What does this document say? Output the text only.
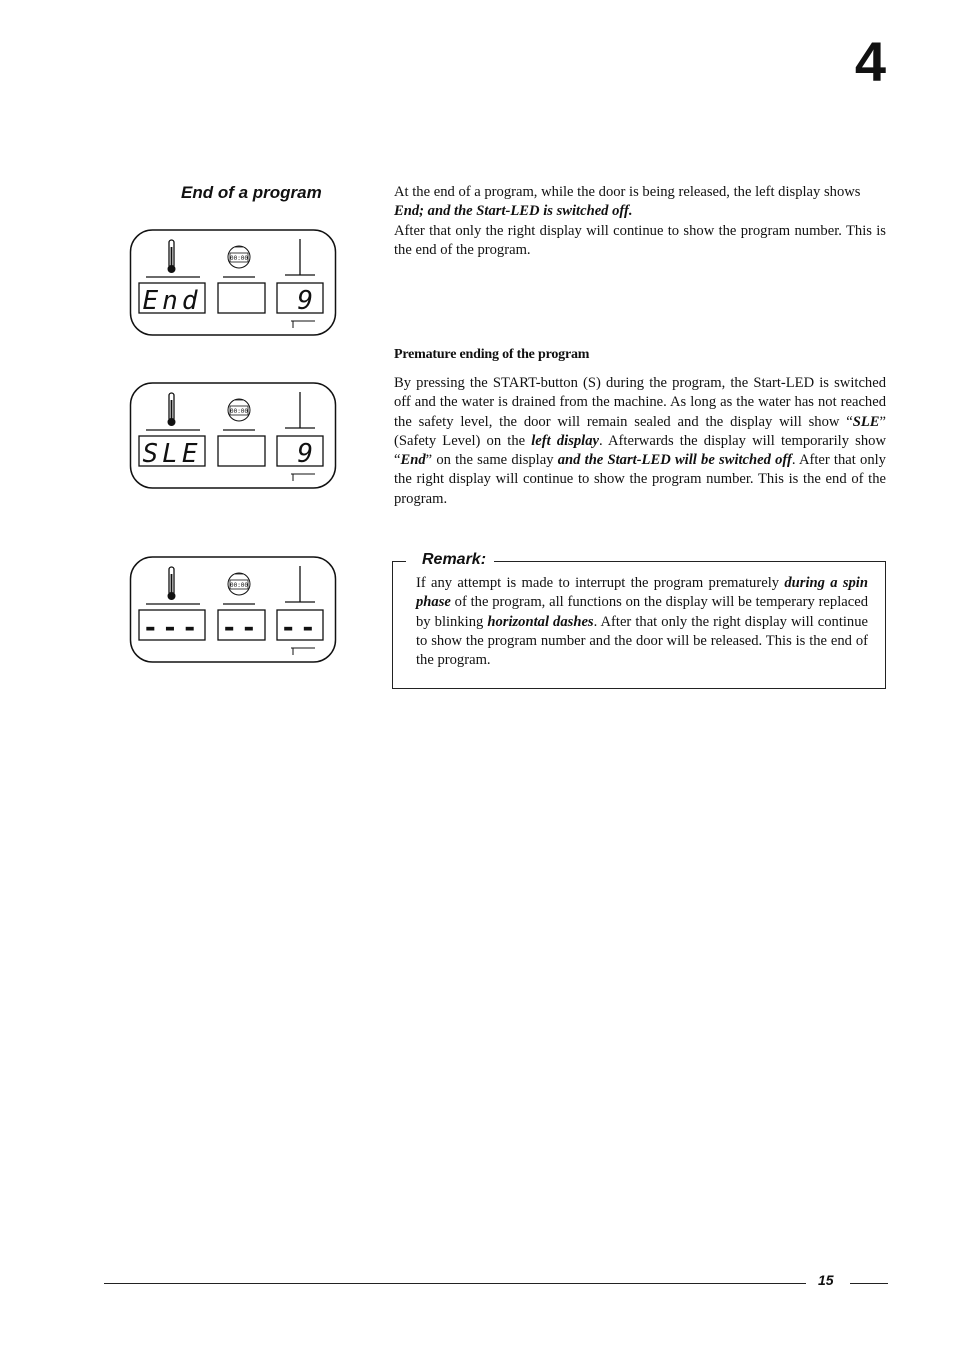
4
End of a program	At the end of a program, while the door is being released, the left display shows
End; and the Start-LED is switched off.
After that only the right display will continue to show the program number. This is the end of the program.
Premature ending of the program
By pressing the START-button (S) during the program, the Start-LED is switched off and the water is drained from the machine. As long as the water has not reached the safety level, the door will remain sealed and the display will show “SLE” (Safety Level) on the left display. Afterwards the display will temporarily show “End” on the same display and the Start-LED will be switched off. After that only the right display will continue to show the program number. This is the end of the program.
Remark:
If any attempt is made to interrupt the program prematurely during a spin phase of the program, all functions on the display will be temperary replaced by blinking horizontal dashes. After that only the right display will continue to show the program number and the door will be released. This is the end of the program.
00:00
End	9
00:00
SLE	9
00:00
--- -- --
15
